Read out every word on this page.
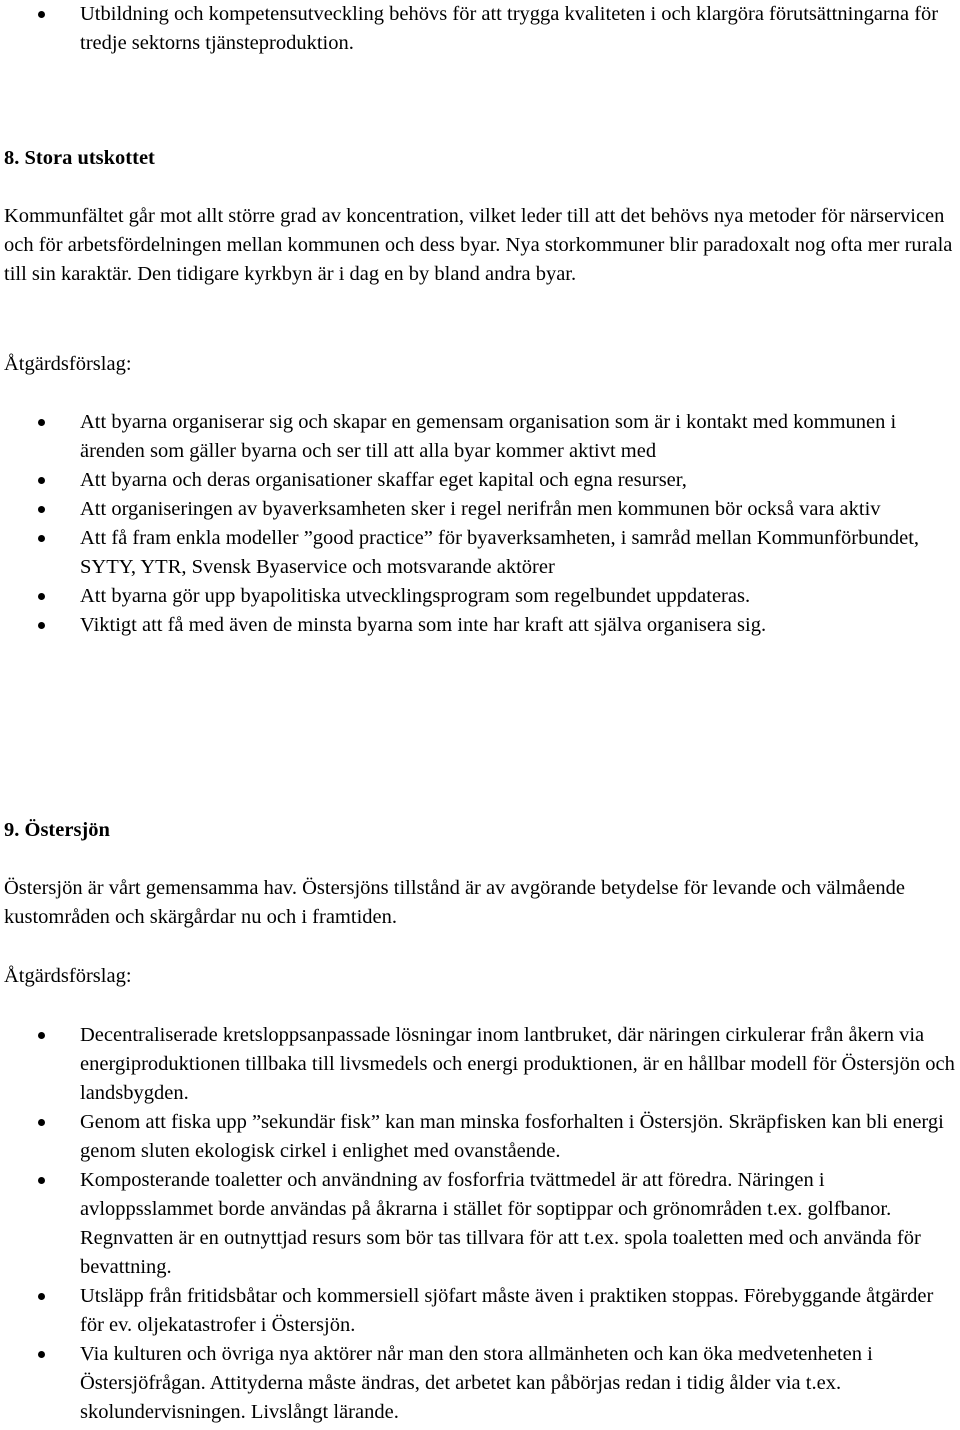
Utbildning och kompetensutveckling behövs för att trygga kvaliteten i och klargöra förutsättningarna för tredje sektorns tjänsteproduktion.

8. Stora utskottet

Kommunfältet går mot allt större grad av koncentration, vilket leder till att det behövs nya metoder för närservicen och för arbetsfördelningen mellan kommunen och dess byar. Nya storkommuner blir paradoxalt nog ofta mer rurala till sin karaktär. Den tidigare kyrkbyn är i dag en by bland andra byar.

Åtgärdsförslag:

Att byarna organiserar sig och skapar en gemensam organisation som är i kontakt med kommunen i ärenden som gäller byarna och ser till att alla byar kommer aktivt med
Att byarna och deras organisationer skaffar eget kapital och egna resurser,
Att organiseringen av byaverksamheten sker i regel nerifrån men kommunen bör också vara aktiv
Att få fram enkla modeller ”good practice” för byaverksamheten, i samråd mellan Kommunförbundet, SYTY, YTR, Svensk Byaservice och motsvarande aktörer
Att byarna gör upp byapolitiska utvecklingsprogram som regelbundet uppdateras.
Viktigt att få med även de minsta byarna som inte har kraft att själva organisera sig.

9. Östersjön

Östersjön är vårt gemensamma hav. Östersjöns tillstånd är av avgörande betydelse för levande och välmående kustområden och skärgårdar nu och i framtiden.

Åtgärdsförslag:

Decentraliserade kretsloppsanpassade lösningar inom lantbruket, där näringen cirkulerar från åkern via energiproduktionen tillbaka till livsmedels och energi produktionen, är en hållbar modell för Östersjön och landsbygden.
Genom att fiska upp ”sekundär fisk” kan man minska fosforhalten i Östersjön. Skräpfisken kan bli energi genom sluten ekologisk cirkel i enlighet med ovanstående.
Komposterande toaletter och användning av fosforfria tvättmedel är att föredra. Näringen i avloppsslammet borde användas på åkrarna i stället för soptippar och grönområden t.ex. golfbanor. Regnvatten är en outnyttjad resurs som bör tas tillvara för att t.ex. spola toaletten med och använda för bevattning.
Utsläpp från fritidsbåtar och kommersiell sjöfart måste även i praktiken stoppas. Förebyggande åtgärder för ev. oljekatastrofer i Östersjön.
Via kulturen och övriga nya aktörer når man den stora allmänheten och kan öka medvetenheten i Östersjöfrågan. Attityderna måste ändras, det arbetet kan påbörjas redan i tidig ålder via t.ex. skolundervisningen. Livslångt lärande.
